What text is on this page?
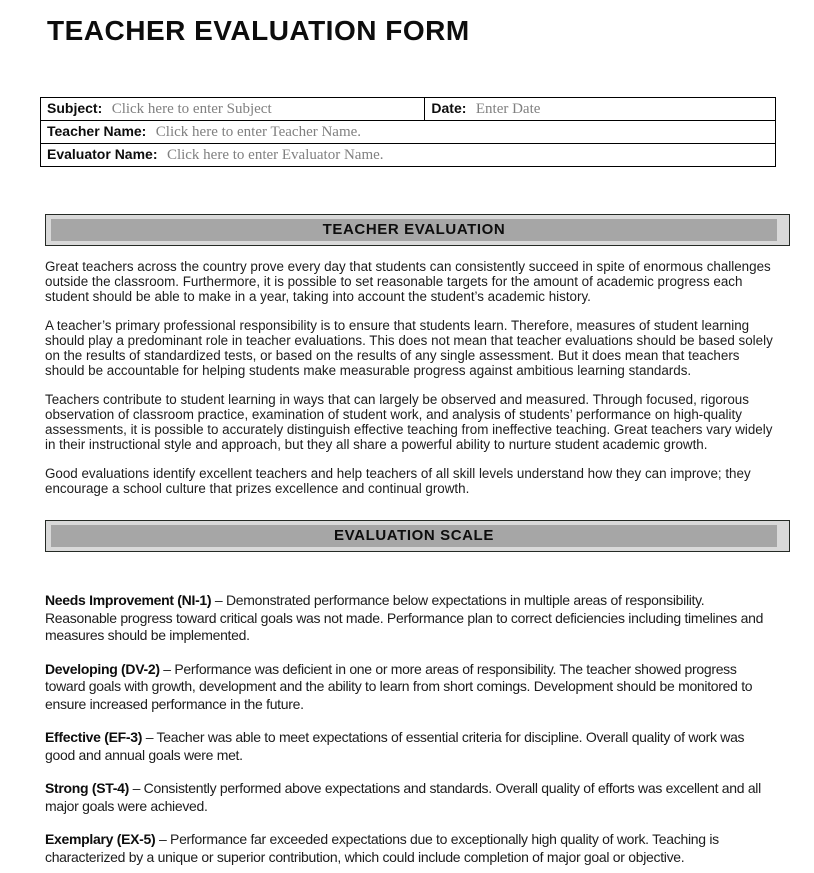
TEACHER EVALUATION FORM
Subject: Click here to enter Subject	Date: Enter Date
Teacher Name: Click here to enter Teacher Name.
Evaluator Name: Click here to enter Evaluator Name.
TEACHER EVALUATION

Great teachers across the country prove every day that students can consistently succeed in spite of enormous challenges outside the classroom. Furthermore, it is possible to set reasonable targets for the amount of academic progress each student should be able to make in a year, taking into account the student’s academic history.

A teacher’s primary professional responsibility is to ensure that students learn. Therefore, measures of student learning should play a predominant role in teacher evaluations. This does not mean that teacher evaluations should be based solely on the results of standardized tests, or based on the results of any single assessment. But it does mean that teachers should be accountable for helping students make measurable progress against ambitious learning standards.

Teachers contribute to student learning in ways that can largely be observed and measured. Through focused, rigorous observation of classroom practice, examination of student work, and analysis of students’ performance on high-quality assessments, it is possible to accurately distinguish effective teaching from ineffective teaching. Great teachers vary widely in their instructional style and approach, but they all share a powerful ability to nurture student academic growth.

Good evaluations identify excellent teachers and help teachers of all skill levels understand how they can improve; they encourage a school culture that prizes excellence and continual growth.

EVALUATION SCALE

Needs Improvement (NI-1) – Demonstrated performance below expectations in multiple areas of responsibility. Reasonable progress toward critical goals was not made. Performance plan to correct deficiencies including timelines and measures should be implemented.

Developing (DV-2) – Performance was deficient in one or more areas of responsibility. The teacher showed progress toward goals with growth, development and the ability to learn from short comings. Development should be monitored to ensure increased performance in the future.

Effective (EF-3) – Teacher was able to meet expectations of essential criteria for discipline. Overall quality of work was good and annual goals were met.

Strong (ST-4) – Consistently performed above expectations and standards. Overall quality of efforts was excellent and all major goals were achieved.

Exemplary (EX-5) – Performance far exceeded expectations due to exceptionally high quality of work. Teaching is characterized by a unique or superior contribution, which could include completion of major goal or objective.
